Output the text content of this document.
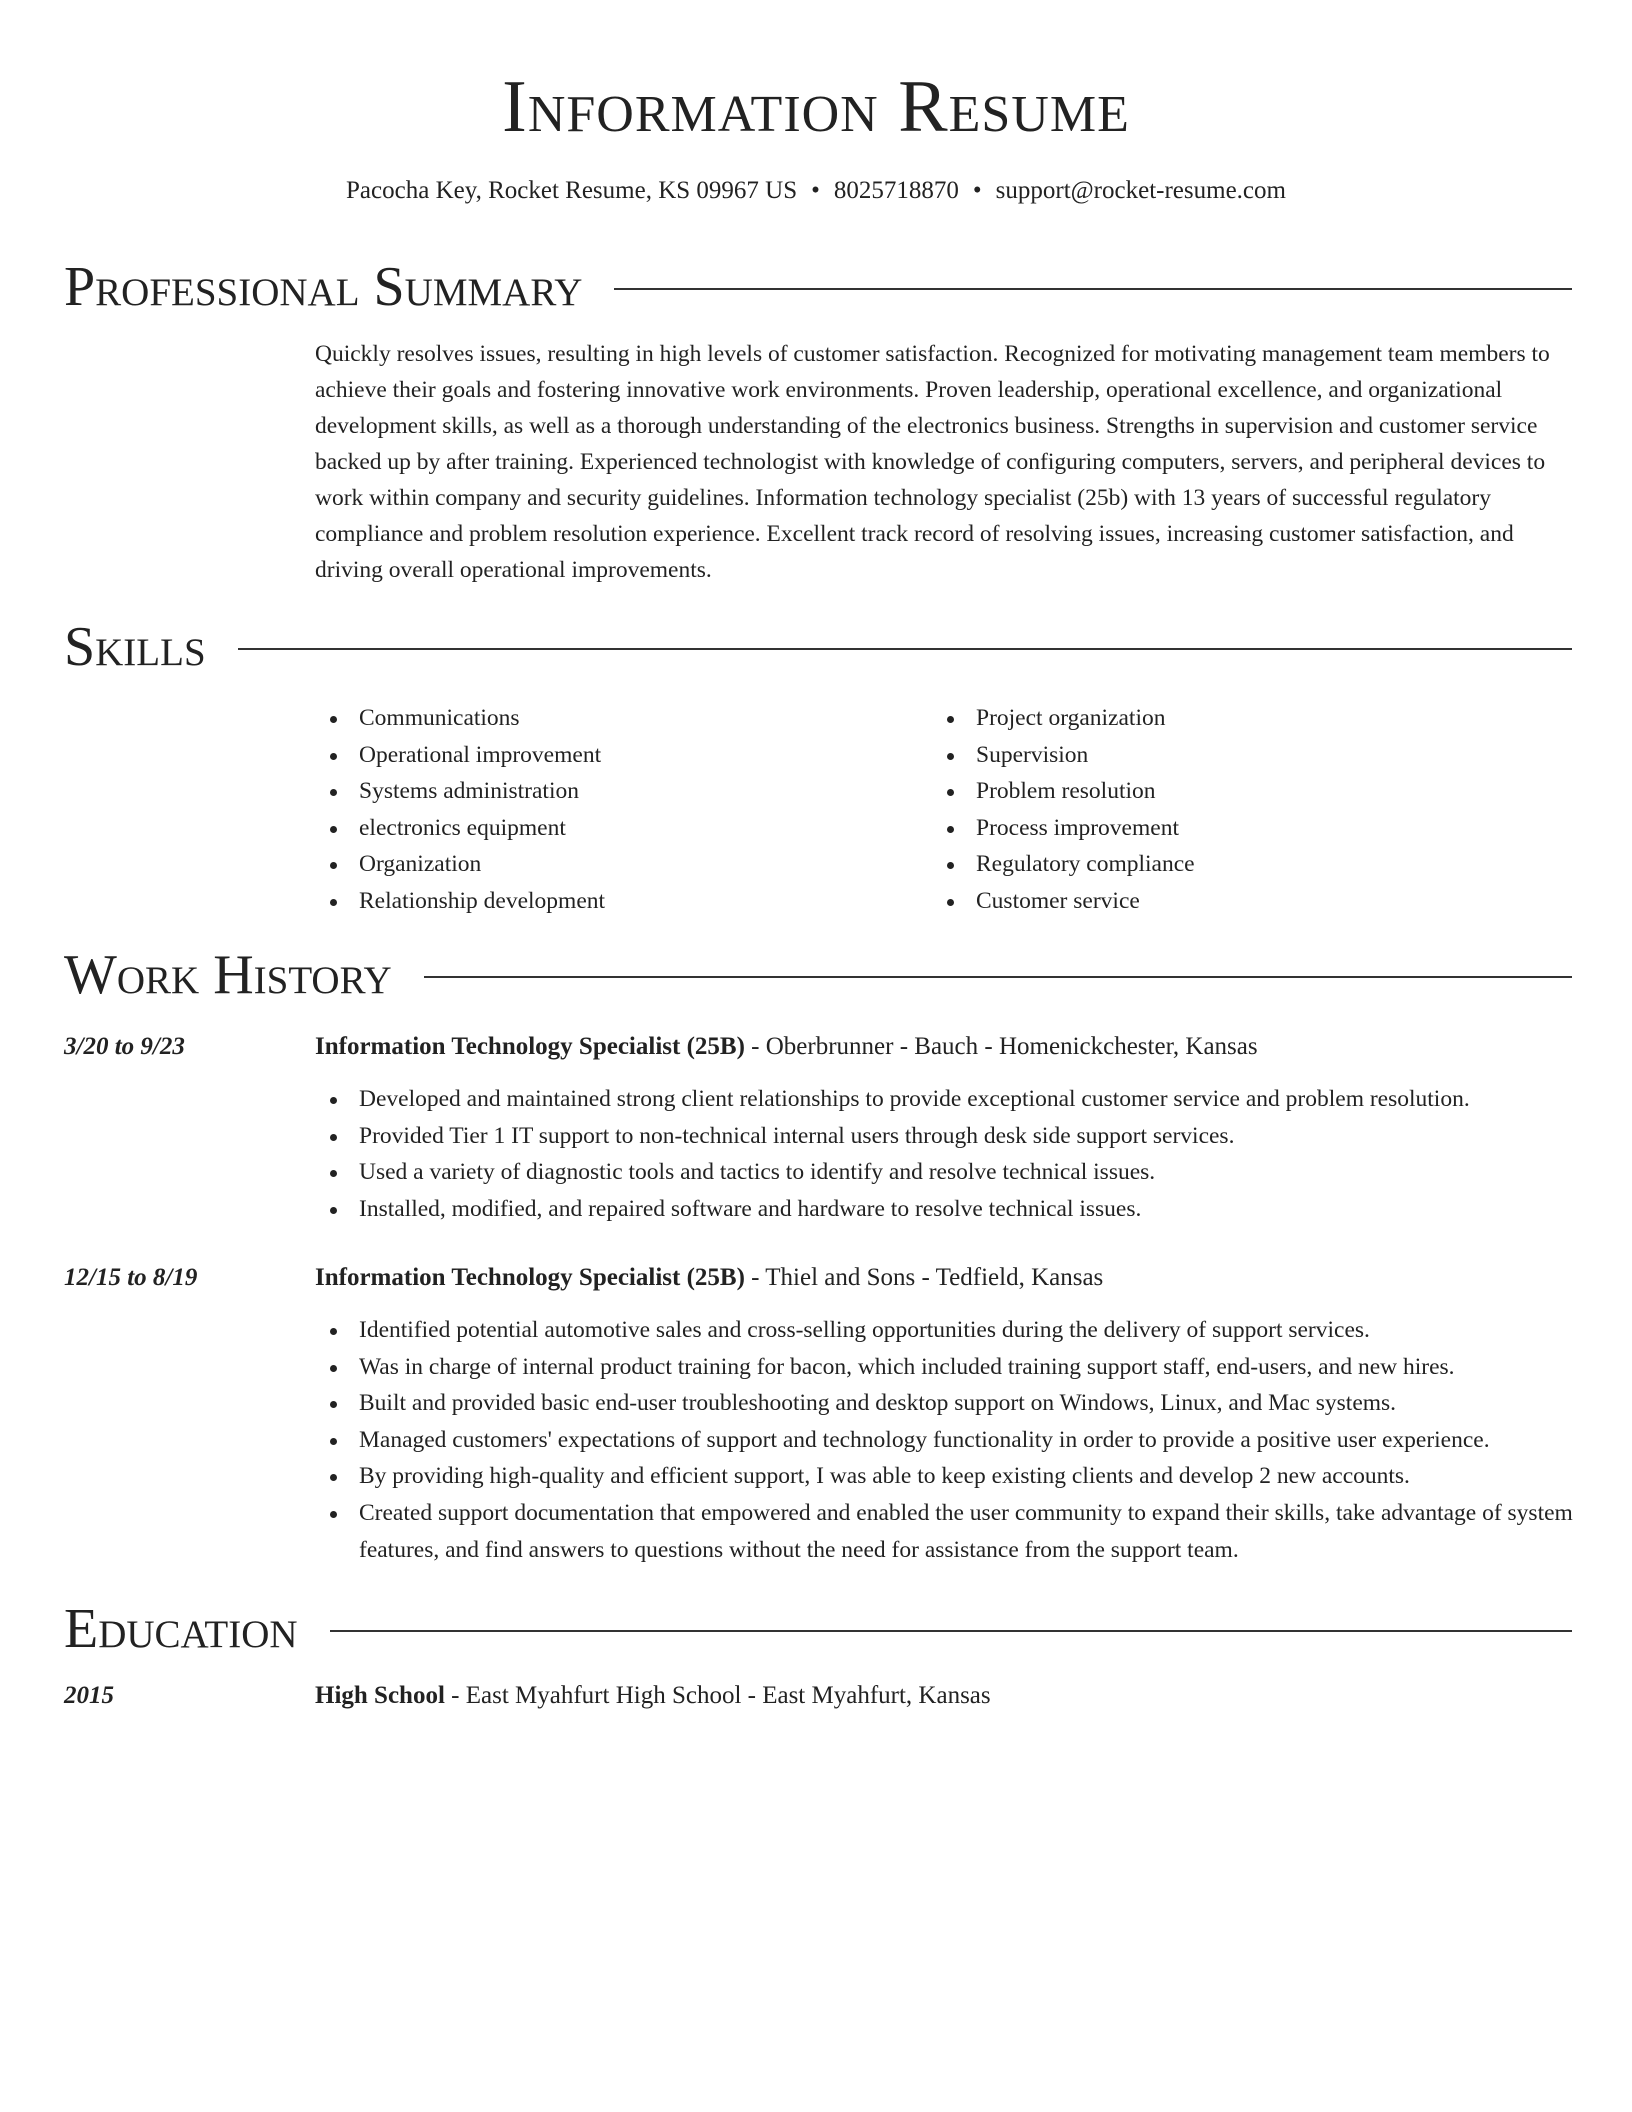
Information Resume
Pacocha Key, Rocket Resume, KS 09967 US • 8025718870 • support@rocket-resume.com
Professional Summary

Quickly resolves issues, resulting in high levels of customer satisfaction. Recognized for motivating management team members to achieve their goals and fostering innovative work environments. Proven leadership, operational excellence, and organizational development skills, as well as a thorough understanding of the electronics business. Strengths in supervision and customer service backed up by after training. Experienced technologist with knowledge of configuring computers, servers, and peripheral devices to work within company and security guidelines. Information technology specialist (25b) with 13 years of successful regulatory compliance and problem resolution experience. Excellent track record of resolving issues, increasing customer satisfaction, and driving overall operational improvements.

Skills
Communications
Operational improvement
Systems administration
electronics equipment
Organization
Relationship development
Project organization
Supervision
Problem resolution
Process improvement
Regulatory compliance
Customer service
Work History
3/20 to 9/23	Information Technology Specialist (25B) - Oberbrunner - Bauch - Homenickchester, Kansas
Developed and maintained strong client relationships to provide exceptional customer service and problem resolution.
Provided Tier 1 IT support to non-technical internal users through desk side support services.
Used a variety of diagnostic tools and tactics to identify and resolve technical issues.
Installed, modified, and repaired software and hardware to resolve technical issues.
12/15 to 8/19	Information Technology Specialist (25B) - Thiel and Sons - Tedfield, Kansas
Identified potential automotive sales and cross-selling opportunities during the delivery of support services.
Was in charge of internal product training for bacon, which included training support staff, end-users, and new hires.
Built and provided basic end-user troubleshooting and desktop support on Windows, Linux, and Mac systems.
Managed customers' expectations of support and technology functionality in order to provide a positive user experience.
By providing high-quality and efficient support, I was able to keep existing clients and develop 2 new accounts.
Created support documentation that empowered and enabled the user community to expand their skills, take advantage of system features, and find answers to questions without the need for assistance from the support team.
Education
2015	High School - East Myahfurt High School - East Myahfurt, Kansas
